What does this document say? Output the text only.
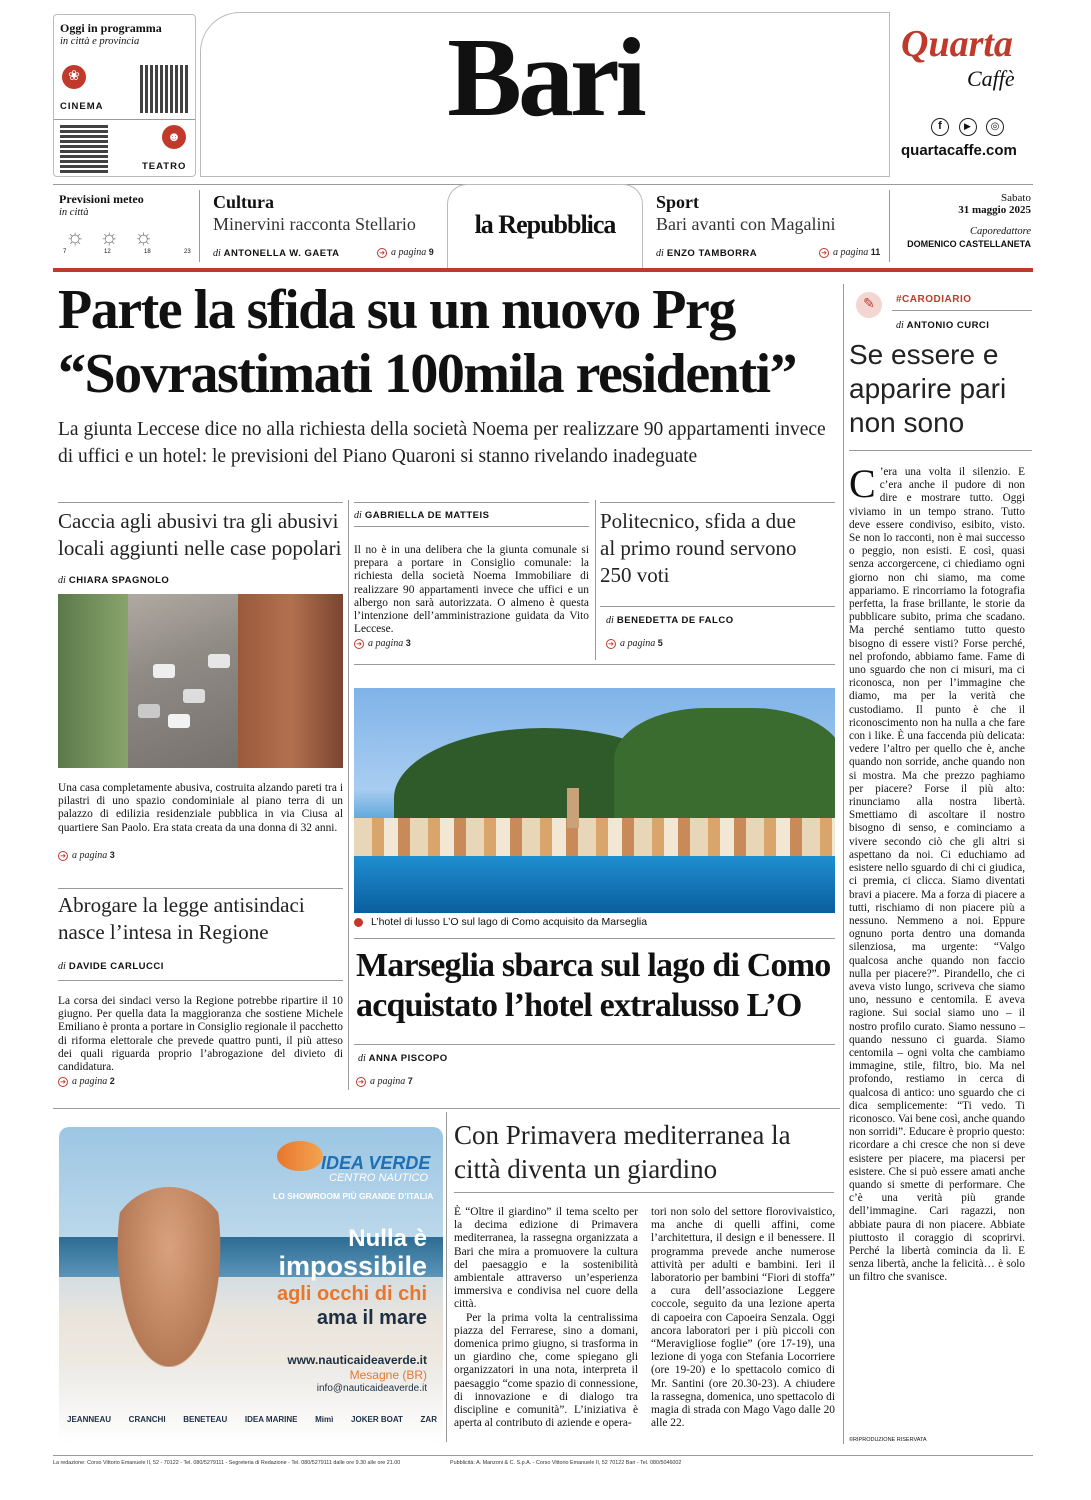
Oggi in programma
in città e provincia
❀
CINEMA
☻
TEATRO
Bari	Quarta
Caffè
f ▶ ◎
quartacaffe.com
Previsioni meteo
in città
☼☼☼
7	12	18	23
Cultura
Minervini racconta Stellario
di ANTONELLA W. GAETA	➔ a pagina 9
la Repubblica
Sport
Bari avanti con Magalini
di ENZO TAMBORRA	➔ a pagina 11
Sabato
31 maggio 2025
Caporedattore
DOMENICO CASTELLANETA
Parte la sfida su un nuovo Prg
“Sovrastimati 100mila residenti”
La giunta Leccese dice no alla richiesta della società Noema per realizzare 90 appartamenti invece di uffici e un hotel: le previsioni del Piano Quaroni si stanno rivelando inadeguate
Caccia agli abusivi tra gli abusivi locali aggiunti nelle case popolari
di CHIARA SPAGNOLO
Una casa completamente abusiva, costruita alzando pareti tra i pilastri di uno spazio condominiale al piano terra di un palazzo di edilizia residenziale pubblica in via Ciusa al quartiere San Paolo. Era stata creata da una donna di 32 anni.
➔ a pagina 3
Abrogare la legge antisindaci nasce l’intesa in Regione
di DAVIDE CARLUCCI
La corsa dei sindaci verso la Regione potrebbe ripartire il 10 giugno. Per quella data la maggioranza che sostiene Michele Emiliano è pronta a portare in Consiglio regionale il pacchetto di riforma elettorale che prevede quattro punti, il più atteso dei quali riguarda proprio l’abrogazione del divieto di candidatura.
➔ a pagina 2
di GABRIELLA DE MATTEIS
Il no è in una delibera che la giunta comunale si prepara a portare in Consiglio comunale: la richiesta della società Noema Immobiliare di realizzare 90 appartamenti invece che uffici e un albergo non sarà autorizzata. O almeno è questa l’intenzione dell’amministrazione guidata da Vito Leccese.
➔ a pagina 3
Politecnico, sfida a due al primo round servono 250 voti
di BENEDETTA DE FALCO
➔ a pagina 5
L’hotel di lusso L’O sul lago di Como acquisito da Marseglia
Marseglia sbarca sul lago di Como acquistato l’hotel extralusso L’O
di ANNA PISCOPO
➔ a pagina 7
✎	#CARODIARIO
di ANTONIO CURCI
Se essere e apparire pari non sono
C ’era una volta il silenzio. E c’era anche il pudore di non dire e mostrare tutto. Oggi viviamo in un tempo strano. Tutto deve essere condiviso, esibito, visto. Se non lo racconti, non è mai successo o peggio, non esisti. E così, quasi senza accorgercene, ci chiediamo ogni giorno non chi siamo, ma come appariamo. E rincorriamo la fotografia perfetta, la frase brillante, le storie da pubblicare subito, prima che scadano. Ma perché sentiamo tutto questo bisogno di essere visti? Forse perché, nel profondo, abbiamo fame. Fame di uno sguardo che non ci misuri, ma ci riconosca, non per l’immagine che diamo, ma per la verità che custodiamo. Il punto è che il riconoscimento non ha nulla a che fare con i like. È una faccenda più delicata: vedere l’altro per quello che è, anche quando non sorride, anche quando non si mostra. Ma che prezzo paghiamo per piacere? Forse il più alto: rinunciamo alla nostra libertà. Smettiamo di ascoltare il nostro bisogno di senso, e cominciamo a vivere secondo ciò che gli altri si aspettano da noi. Ci educhiamo ad esistere nello sguardo di chi ci giudica, ci premia, ci clicca. Siamo diventati bravi a piacere. Ma a forza di piacere a tutti, rischiamo di non piacere più a nessuno. Nemmeno a noi. Eppure ognuno porta dentro una domanda silenziosa, ma urgente: “Valgo qualcosa anche quando non faccio nulla per piacere?”. Pirandello, che ci aveva visto lungo, scriveva che siamo uno, nessuno e centomila. E aveva ragione. Sui social siamo uno – il nostro profilo curato. Siamo nessuno – quando nessuno ci guarda. Siamo centomila – ogni volta che cambiamo immagine, stile, filtro, bio. Ma nel profondo, restiamo in cerca di qualcosa di antico: uno sguardo che ci dica semplicemente: “Ti vedo. Ti riconosco. Vai bene così, anche quando non sorridi”. Educare è proprio questo: ricordare a chi cresce che non si deve esistere per piacere, ma piacersi per esistere. Che si può essere amati anche quando si smette di performare. Che c’è una verità più grande dell’immagine. Cari ragazzi, non abbiate paura di non piacere. Abbiate piuttosto il coraggio di scoprirvi. Perché la libertà comincia da lì. E senza libertà, anche la felicità… è solo un filtro che svanisce.
©RIPRODUZIONE RISERVATA
IDEA VERDE
CENTRO NAUTICO
LO SHOWROOM PIÙ GRANDE D’ITALIA
Nulla è
impossibile
agli occhi di chi
ama il mare
www.nauticaideaverde.it
Mesagne (BR)
info@nauticaideaverde.it
JEANNEAU CRANCHI BENETEAU IDEA MARINE Mimì JOKER BOAT ZAR
Con Primavera mediterranea la città diventa un giardino

È “Oltre il giardino” il tema scelto per la decima edizione di Primavera mediterranea, la rassegna organizzata a Bari che mira a promuovere la cultura del paesaggio e la sostenibilità ambientale attraverso un’esperienza immersiva e condivisa nel cuore della città.

Per la prima volta la centralissima piazza del Ferrarese, sino a domani, domenica primo giugno, si trasforma in un giardino che, come spiegano gli organizzatori in una nota, interpreta il paesaggio “come spazio di connessione, di innovazione e di dialogo tra discipline e comunità”. L’iniziativa è aperta al contributo di aziende e opera-

tori non solo del settore florovivaistico, ma anche di quelli affini, come l’architettura, il design e il benessere. Il programma prevede anche numerose attività per adulti e bambini. Ieri il laboratorio per bambini “Fiori di stoffa” a cura dell’associazione Leggere coccole, seguito da una lezione aperta di capoeira con Capoeira Senzala. Oggi ancora laboratori per i più piccoli con “Meravigliose foglie” (ore 17-19), una lezione di yoga con Stefania Locorriere (ore 19-20) e lo spettacolo comico di Mr. Santini (ore 20.30-23). A chiudere la rassegna, domenica, uno spettacolo di magia di strada con Mago Vago dalle 20 alle 22.
La redazione: Corso Vittorio Emanuele II, 52 - 70122 - Tel. 080/5279111 - Segreteria di Redazione - Tel. 080/5279111 dalle ore 9.30 alle ore 21.00	Pubblicità: A. Manzoni & C. S.p.A. - Corso Vittorio Emanuele II, 52 70122 Bari - Tel. 080/5046002
